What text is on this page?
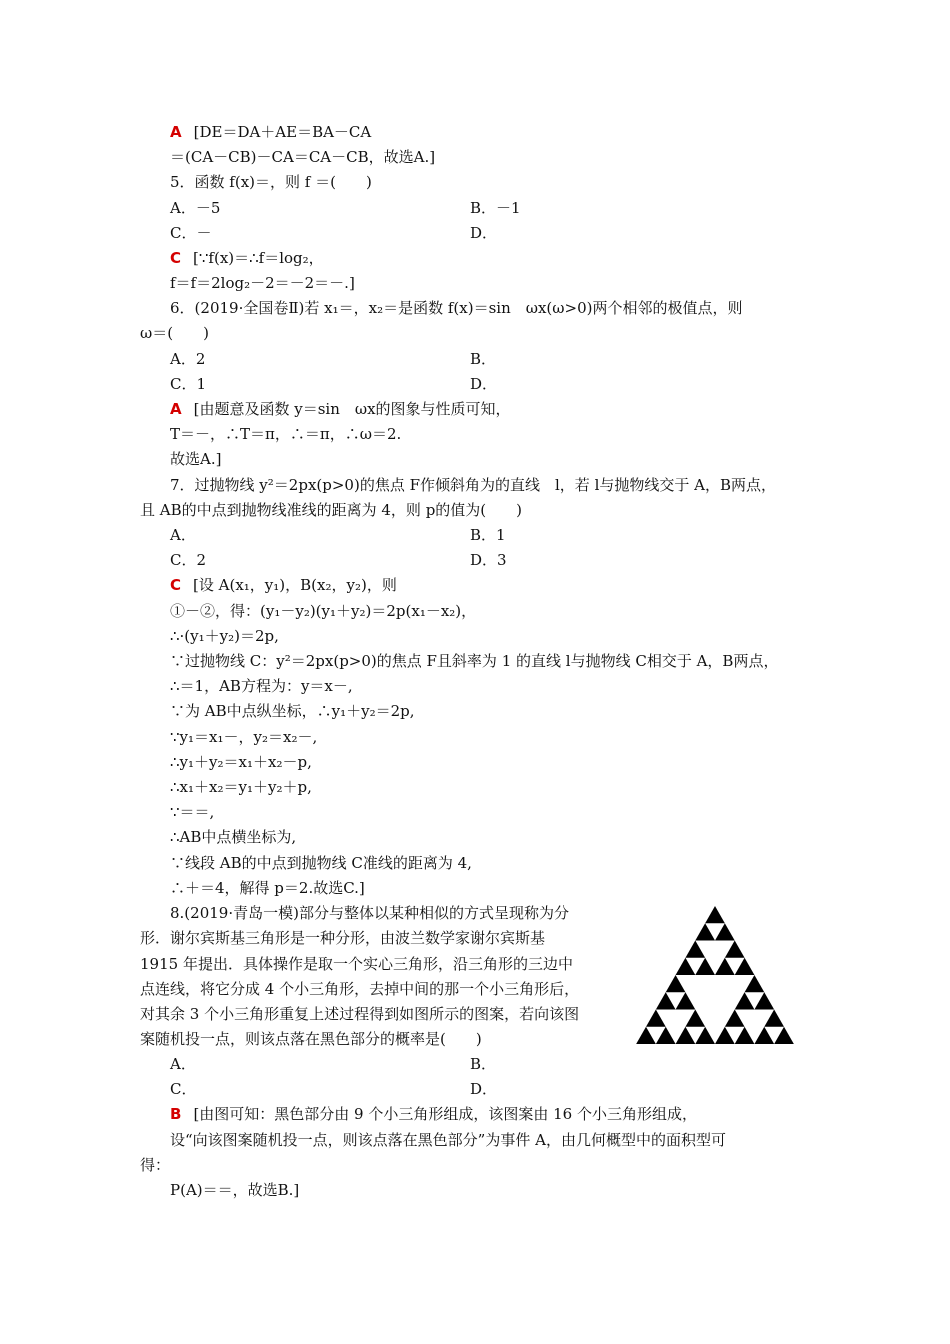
A [DE＝DA＋AE＝BA－CA
＝(CA－CB)－CA＝CA－CB，故选A.]
5．函数 f(x)＝，则 f ＝(　　)
A．－5	B．－1
C．－	D．
C [∵f(x)＝∴f＝log₂，
f＝f＝2log₂－2＝－2＝－.]
6．(2019·全国卷Ⅱ)若 x₁＝，x₂＝是函数 f(x)＝sin　ωx(ω>0)两个相邻的极值点，则
ω＝(　　)
A．2	B．
C．1	D．
A [由题意及函数 y＝sin　ωx的图象与性质可知，
T＝－，∴T＝π，∴＝π，∴ω＝2.
故选A.]
7．过抛物线 y²＝2px(p>0)的焦点 F作倾斜角为的直线　l，若 l与抛物线交于 A，B两点，
且 AB的中点到抛物线准线的距离为 4，则 p的值为(　　)
A．	B．1
C．2	D．3
C [设 A(x₁，y₁)，B(x₂，y₂)，则
①－②，得：(y₁－y₂)(y₁＋y₂)＝2p(x₁－x₂)，
∴·(y₁＋y₂)＝2p,
∵过抛物线 C：y²＝2px(p>0)的焦点 F且斜率为 1 的直线 l与抛物线 C相交于 A，B两点，
∴＝1，AB方程为：y＝x－,
∵为 AB中点纵坐标，∴y₁＋y₂＝2p,
∵y₁＝x₁－，y₂＝x₂－,
∴y₁＋y₂＝x₁＋x₂－p,
∴x₁＋x₂＝y₁＋y₂＋p,
∵＝＝,
∴AB中点横坐标为,
∵线段 AB的中点到抛物线 C准线的距离为 4,
∴＋＝4，解得 p＝2.故选C.]
8.(2019·青岛一模)部分与整体以某种相似的方式呈现称为分
形．谢尔宾斯基三角形是一种分形，由波兰数学家谢尔宾斯基
1915 年提出．具体操作是取一个实心三角形，沿三角形的三边中
点连线，将它分成 4 个小三角形，去掉中间的那一个小三角形后，
对其余 3 个小三角形重复上述过程得到如图所示的图案，若向该图
案随机投一点，则该点落在黑色部分的概率是(　　)
A．	B．
C．	D．
B [由图可知：黑色部分由 9 个小三角形组成，该图案由 16 个小三角形组成，
设“向该图案随机投一点，则该点落在黑色部分”为事件 A，由几何概型中的面积型可
得：
P(A)＝＝，故选B.]
